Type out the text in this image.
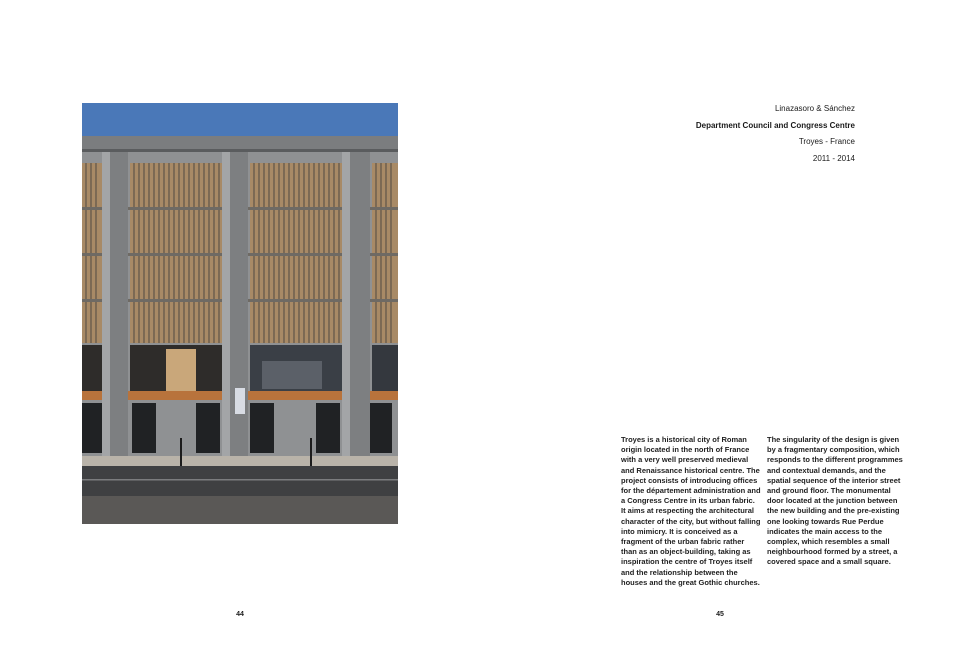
Linazasoro & Sánchez
Department Council and Congress Centre
Troyes - France
2011 - 2014
Troyes is a historical city of Roman origin located in the north of France with a very well preserved medieval and Renaissance historical centre. The project consists of introducing offices for the département administration and a Congress Centre in its urban fabric. It aims at respecting the architectural character of the city, but without falling into mimicry. It is conceived as a fragment of the urban fabric rather than as an object-building, taking as inspiration the centre of Troyes itself and the relationship between the houses and the great Gothic churches.
The singularity of the design is given by a fragmentary composition, which responds to the different programmes and contextual demands, and the spatial sequence of the interior street and ground floor. The monumental door located at the junction between the new building and the pre-existing one looking towards Rue Perdue indicates the main access to the complex, which resembles a small neighbourhood formed by a street, a covered space and a small square.
44	45
